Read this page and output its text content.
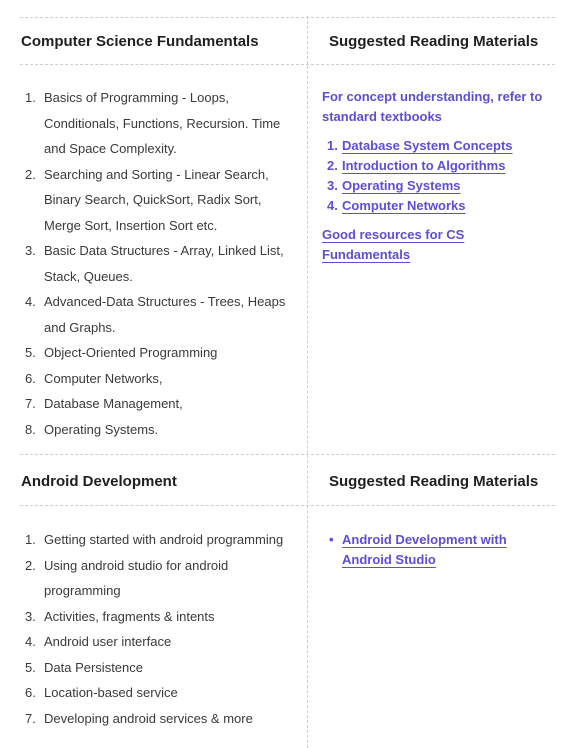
Computer Science Fundamentals	Suggested Reading Materials
1. Basics of Programming - Loops,
Conditionals, Functions, Recursion. Time
and Space Complexity.
2. Searching and Sorting - Linear Search,
Binary Search, QuickSort, Radix Sort,
Merge Sort, Insertion Sort etc.
3. Basic Data Structures - Array, Linked List,
Stack, Queues.
4. Advanced-Data Structures - Trees, Heaps
and Graphs.
5. Object-Oriented Programming
6. Computer Networks,
7. Database Management,
8. Operating Systems.
For concept understanding, refer to
standard textbooks
1. Database System Concepts
2. Introduction to Algorithms
3. Operating Systems
4. Computer Networks
Good resources for CS Fundamentals
Android Development	Suggested Reading Materials
1. Getting started with android programming
2. Using android studio for android
programming
3. Activities, fragments & intents
4. Android user interface
5. Data Persistence
6. Location-based service
7. Developing android services & more
• Android Development with
Android Studio
